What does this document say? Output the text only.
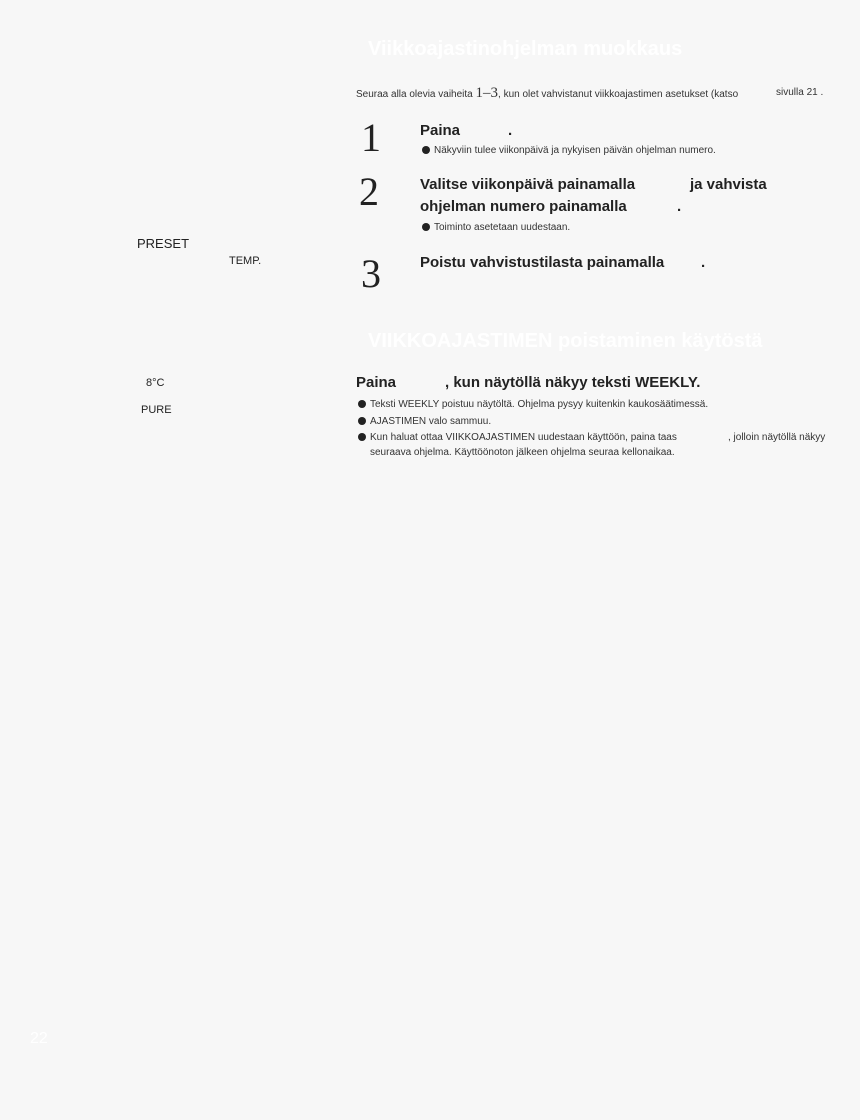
Viikkoajastinohjelman muokkaus
Seuraa alla olevia vaiheita 1–3, kun olet vahvistanut viikkoajastimen asetukset (katso	sivulla 21 .
1	Paina	.
Näkyviin tulee viikonpäivä ja nykyisen päivän ohjelman numero.
2	Valitse viikonpäivä painamalla	ja vahvista
ohjelman numero painamalla	.
Toiminto asetetaan uudestaan.
3	Poistu vahvistustilasta painamalla .
PRESET
TEMP.
8°C
PURE
VIIKKOAJASTIMEN poistaminen käytöstä
Paina	, kun näytöllä näkyy teksti WEEKLY.
Teksti WEEKLY poistuu näytöltä. Ohjelma pysyy kuitenkin kaukosäätimessä.
AJASTIMEN valo sammuu.
Kun haluat ottaa VIIKKOAJASTIMEN uudestaan käyttöön, paina taas	, jolloin näytöllä näkyy
seuraava ohjelma. Käyttöönoton jälkeen ohjelma seuraa kellonaikaa.
22
